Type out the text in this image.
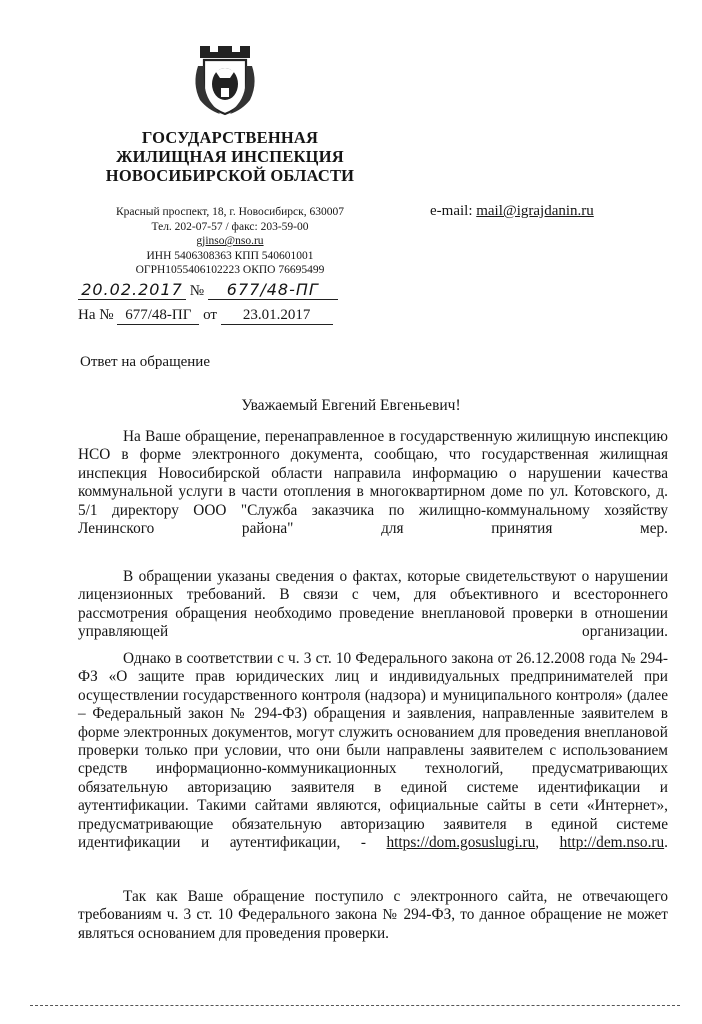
ГОСУДАРСТВЕННАЯ
ЖИЛИЩНАЯ ИНСПЕКЦИЯ
НОВОСИБИРСКОЙ ОБЛАСТИ
Красный проспект, 18, г. Новосибирск, 630007
Тел. 202-07-57 / факс: 203-59-00
gjinso@nso.ru
ИНН 5406308363 КПП 540601001
ОГРН1055406102223 ОКПО 76695499
e-mail: mail@igrajdanin.ru
20.02.2017 № 677/48-ПГ
На № 677/48-ПГ от 23.01.2017
Ответ на обращение
Уважаемый Евгений Евгеньевич!
На Ваше обращение, перенаправленное в государственную жилищную инспекцию НСО в форме электронного документа, сообщаю, что государственная жилищная инспекция Новосибирской области направила информацию о нарушении качества коммунальной услуги в части отопления в многоквартирном доме по ул. Котовского, д. 5/1 директору ООО "Служба заказчика по жилищно-коммунальному хозяйству Ленинского района" для принятия мер.
В обращении указаны сведения о фактах, которые свидетельствуют о нарушении лицензионных требований. В связи с чем, для объективного и всестороннего рассмотрения обращения необходимо проведение внеплановой проверки в отношении управляющей организации.
Однако в соответствии с ч. 3 ст. 10 Федерального закона от 26.12.2008 года № 294-ФЗ «О защите прав юридических лиц и индивидуальных предпринимателей при осуществлении государственного контроля (надзора) и муниципального контроля» (далее – Федеральный закон № 294-ФЗ) обращения и заявления, направленные заявителем в форме электронных документов, могут служить основанием для проведения внеплановой проверки только при условии, что они были направлены заявителем с использованием средств информационно-коммуникационных технологий, предусматривающих обязательную авторизацию заявителя в единой системе идентификации и аутентификации. Такими сайтами являются, официальные сайты в сети «Интернет», предусматривающие обязательную авторизацию заявителя в единой системе идентификации и аутентификации, - https://dom.gosuslugi.ru, http://dem.nso.ru.
Так как Ваше обращение поступило с электронного сайта, не отвечающего требованиям ч. 3 ст. 10 Федерального закона № 294-ФЗ, то данное обращение не может являться основанием для проведения проверки.
